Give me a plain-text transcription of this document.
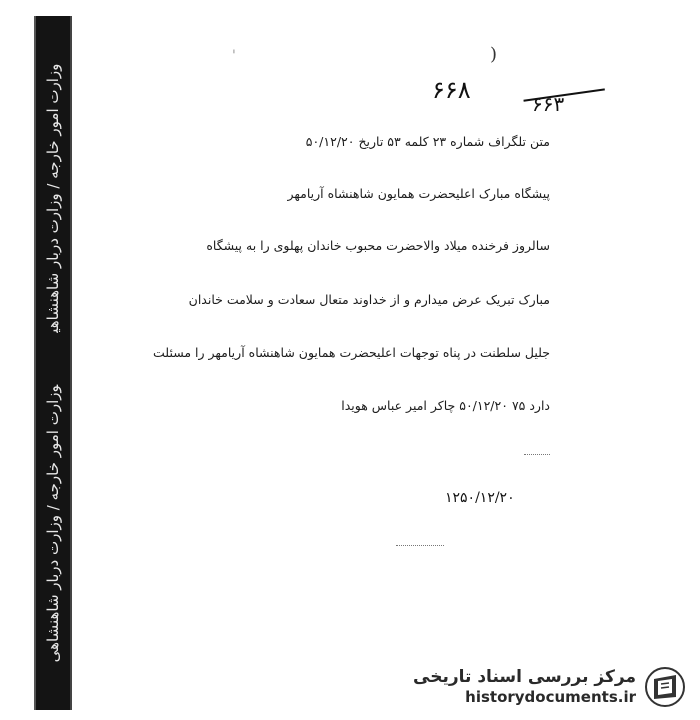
وزارت امور خارجه / وزارت دربار شاهنشاهیوزارت امور خارجه / وزارت دربار شاهنشاهی
'	(
۶۶۸	۶۶۳
متن تلگراف شماره ۲۳ کلمه ۵۳ تاریخ ۵۰/۱۲/۲۰
پیشگاه مبارک اعلیحضرت همایون شاهنشاه آریامهر
سالروز فرخنده میلاد والاحضرت محبوب خاندان پهلوی را به پیشگاه
مبارک تبریک عرض میدارم و از خداوند متعال سعادت و سلامت خاندان
جلیل سلطنت در پناه توجهات اعلیحضرت همایون شاهنشاه آریامهر را مسئلت
دارد ۷۵ ۵۰/۱۲/۲۰ چاکر امیر عباس هویدا
۱۲۵۰/۱۲/۲۰
مرکز بررسی اسناد تاریخی
historydocuments.ir
